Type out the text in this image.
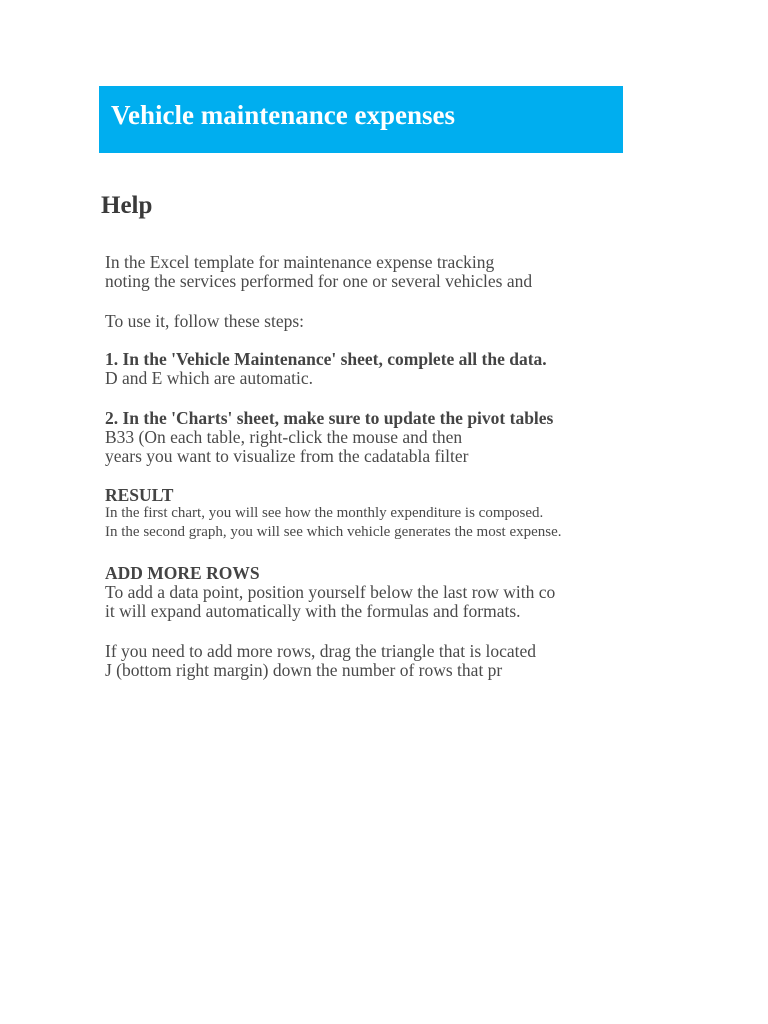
Vehicle maintenance expenses
Help
In the Excel template for maintenance expense tracking
noting the services performed for one or several vehicles and
To use it, follow these steps:
1. In the 'Vehicle Maintenance' sheet, complete all the data.
D and E which are automatic.
2. In the 'Charts' sheet, make sure to update the pivot tables
B33 (On each table, right-click the mouse and then
years you want to visualize from the cadatabla filter
RESULT
In the first chart, you will see how the monthly expenditure is composed.
In the second graph, you will see which vehicle generates the most expense.
ADD MORE ROWS
To add a data point, position yourself below the last row with co
it will expand automatically with the formulas and formats.
If you need to add more rows, drag the triangle that is located
J (bottom right margin) down the number of rows that pr
